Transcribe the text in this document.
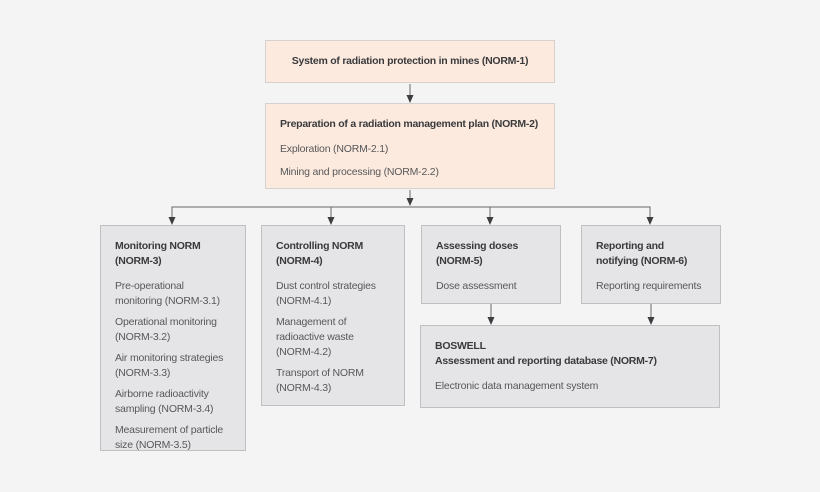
System of radiation protection in mines (NORM-1)
Preparation of a radiation management plan (NORM-2)
Exploration (NORM-2.1)
Mining and processing (NORM-2.2)
Monitoring NORM (NORM-3)
Pre-operational monitoring (NORM-3.1)
Operational monitoring (NORM-3.2)
Air monitoring strategies (NORM-3.3)
Airborne radioactivity sampling (NORM-3.4)
Measurement of particle size (NORM-3.5)
Controlling NORM (NORM-4)
Dust control strategies (NORM-4.1)
Management of radioactive waste (NORM-4.2)
Transport of NORM (NORM-4.3)
Assessing doses (NORM-5)
Dose assessment
Reporting and notifying (NORM-6)
Reporting requirements
BOSWELL
Assessment and reporting database (NORM-7)
Electronic data management system
